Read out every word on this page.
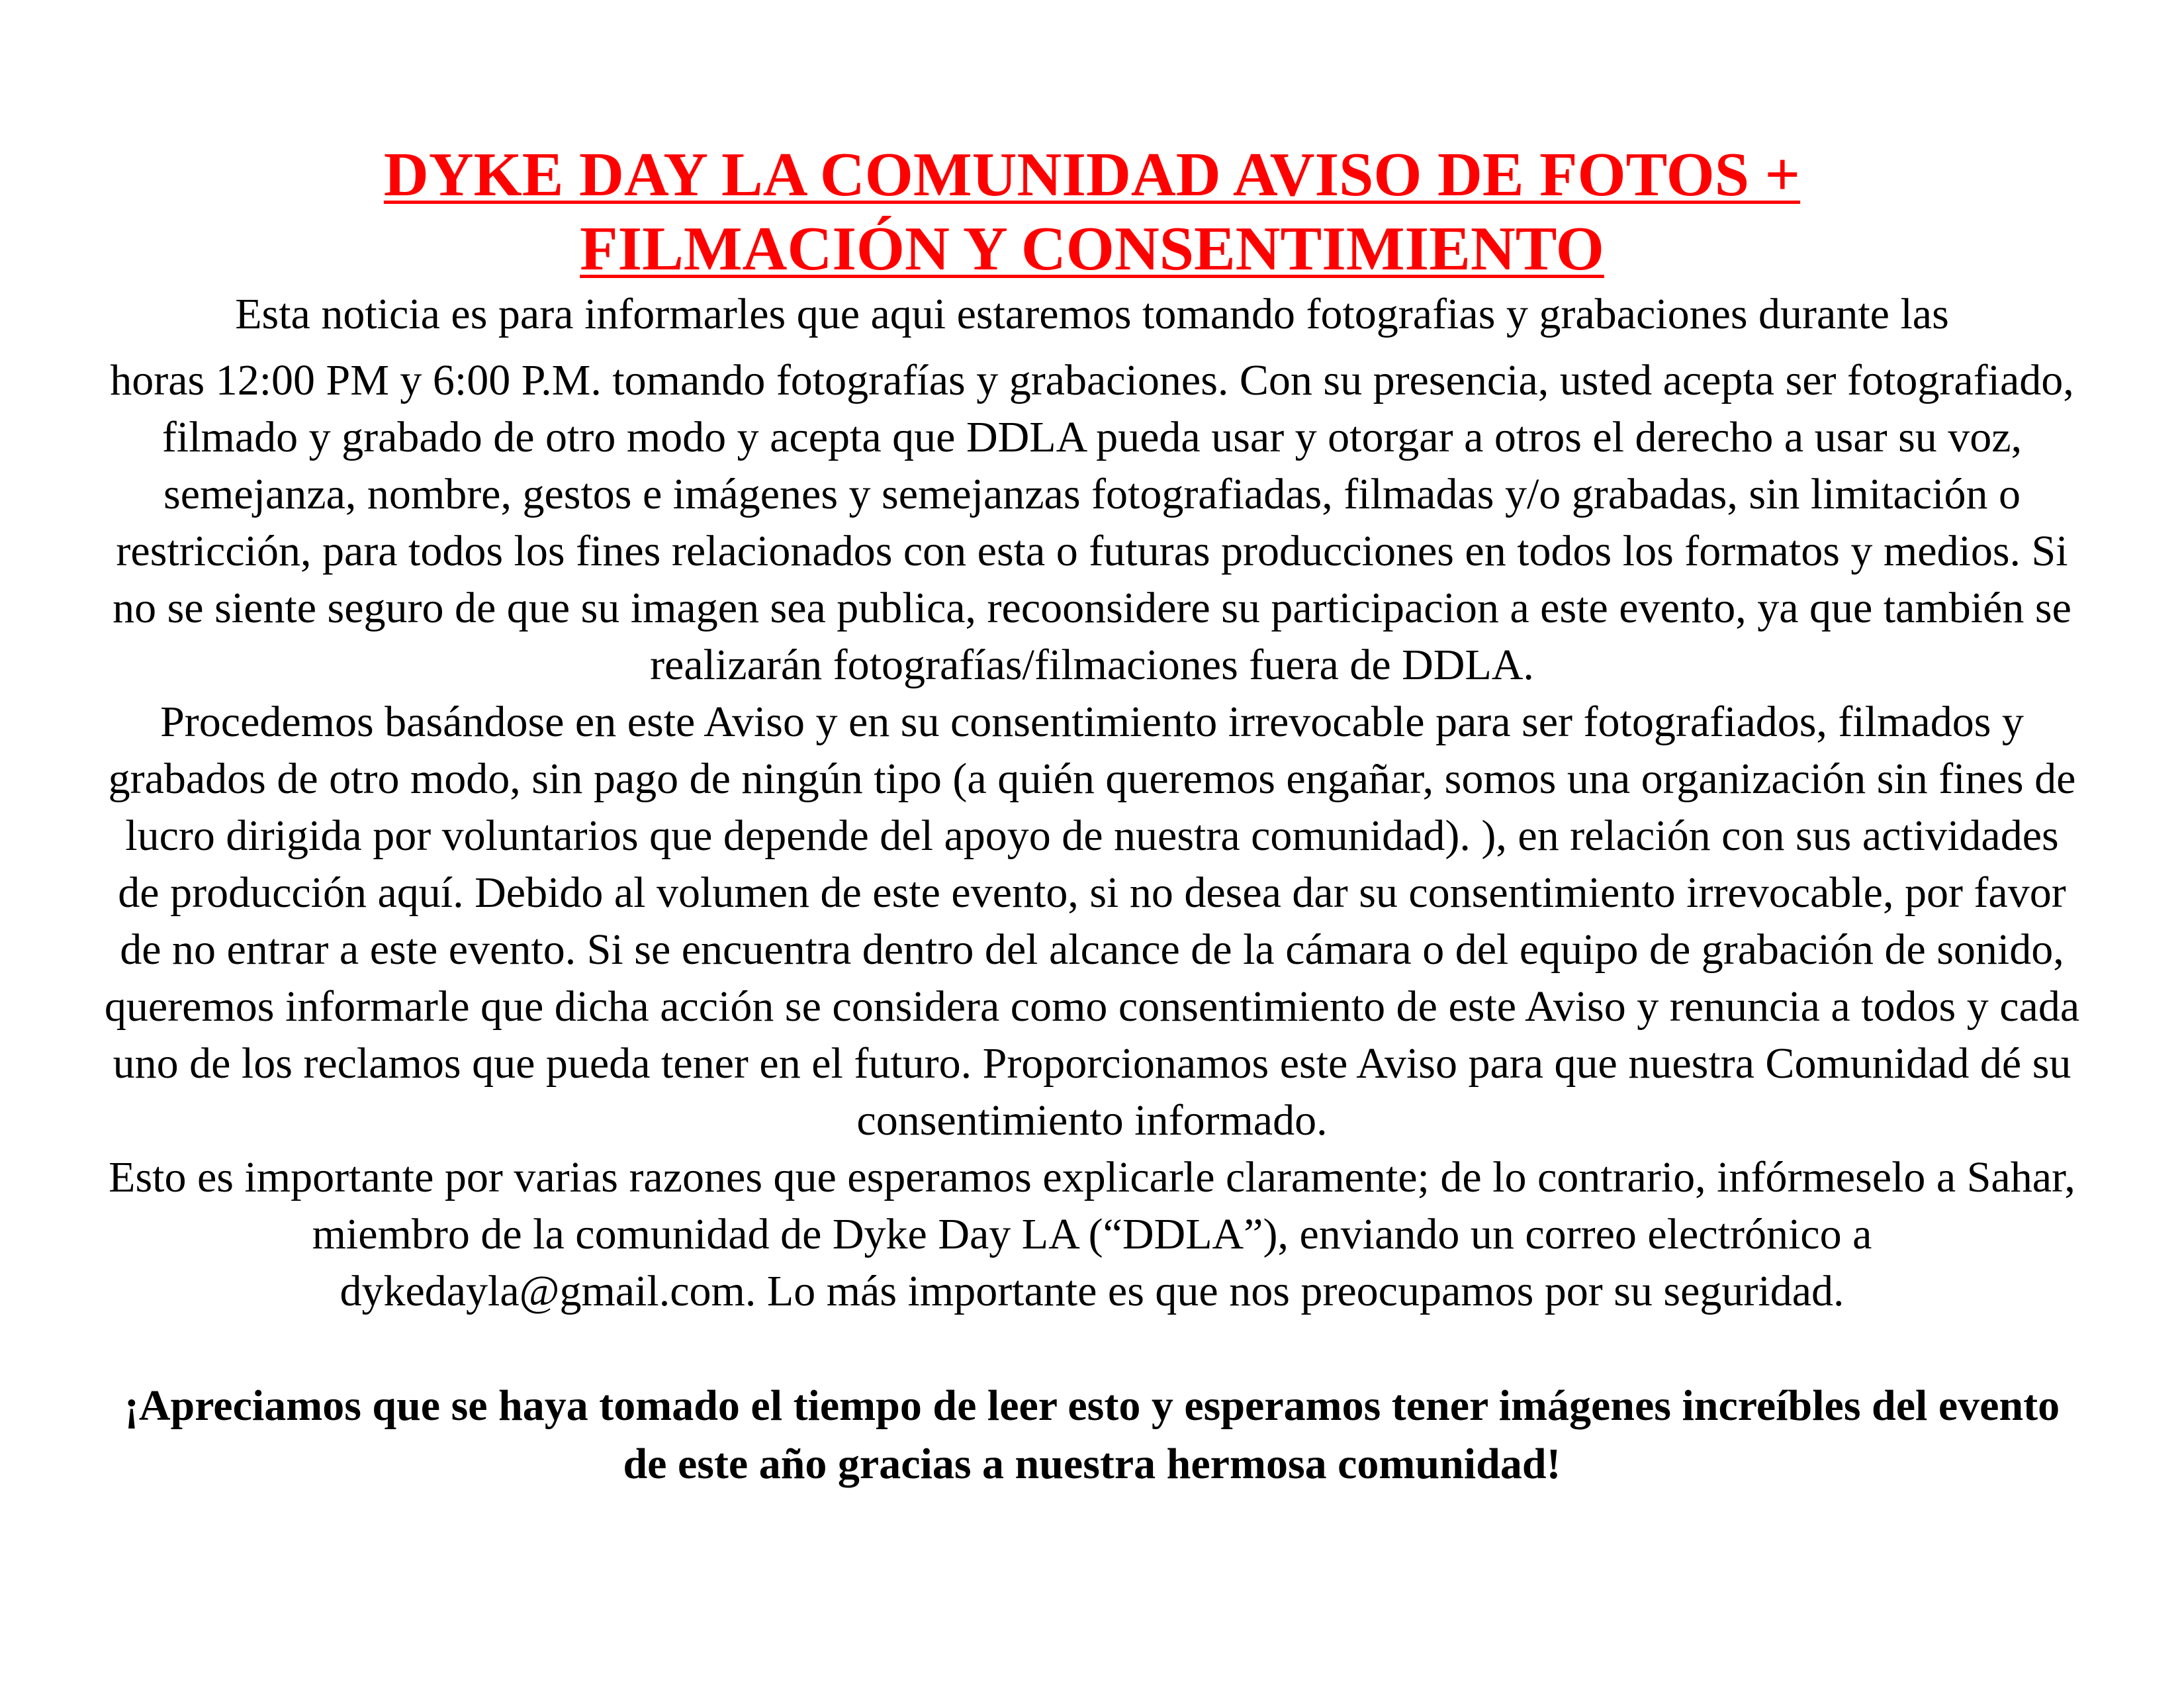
DYKE DAY LA COMUNIDAD AVISO DE FOTOS +
FILMACIÓN Y CONSENTIMIENTO

Esta noticia es para informarles que aqui estaremos tomando fotografias y grabaciones durante las
horas 12:00 PM y 6:00 P.M. tomando fotografías y grabaciones. Con su presencia, usted acepta ser fotografiado, filmado y grabado de otro modo y acepta que DDLA pueda usar y otorgar a otros el derecho a usar su voz, semejanza, nombre, gestos e imágenes y semejanzas fotografiadas, filmadas y/o grabadas, sin limitación o restricción, para todos los fines relacionados con esta o futuras producciones en todos los formatos y medios. Si no se siente seguro de que su imagen sea publica, recoonsidere su participacion a este evento, ya que también se realizarán fotografías/filmaciones fuera de DDLA.

Procedemos basándose en este Aviso y en su consentimiento irrevocable para ser fotografiados, filmados y grabados de otro modo, sin pago de ningún tipo (a quién queremos engañar, somos una organización sin fines de lucro dirigida por voluntarios que depende del apoyo de nuestra comunidad). ), en relación con sus actividades de producción aquí. Debido al volumen de este evento, si no desea dar su consentimiento irrevocable, por favor de no entrar a este evento. Si se encuentra dentro del alcance de la cámara o del equipo de grabación de sonido, queremos informarle que dicha acción se considera como consentimiento de este Aviso y renuncia a todos y cada uno de los reclamos que pueda tener en el futuro. Proporcionamos este Aviso para que nuestra Comunidad dé su consentimiento informado.

Esto es importante por varias razones que esperamos explicarle claramente; de lo contrario, infórmeselo a Sahar, miembro de la comunidad de Dyke Day LA (“DDLA”), enviando un correo electrónico a dykedayla@gmail.com. Lo más importante es que nos preocupamos por su seguridad.

¡Apreciamos que se haya tomado el tiempo de leer esto y esperamos tener imágenes increíbles del evento de este año gracias a nuestra hermosa comunidad!
